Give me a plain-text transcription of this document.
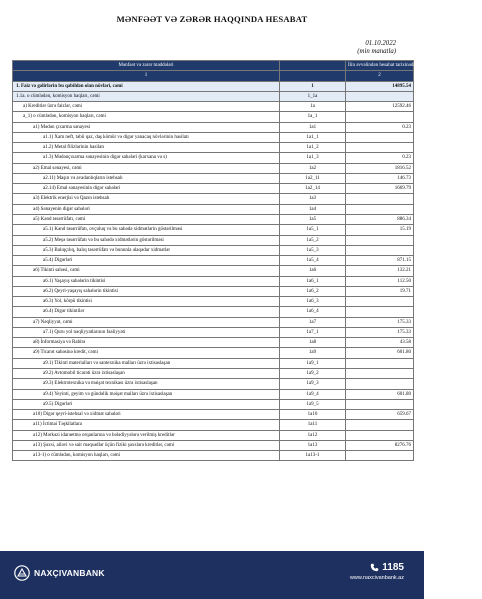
MƏNFƏƏT VƏ ZƏRƏR HAQQINDA HESABAT
01.10.2022
(min manatla)
Mənfəət və zərər maddələri		İlin əvvəlindən hesabat tarixinədək, hesabat tarixi də daxil olmaqla
1		2
1. Faiz və gəlirlərin bu qəbildən olan növləri, cəmi	1	14895.54
1.1a. o cümlədən, komisyon haqları, cəmi	1_1a	
a) Kreditlər üzrə faizlər, cəmi	1a	12592.46
a_1) o cümlədən, komisyon haqları, cəmi	1a_1	
a1) Mədən çıxarma sənayesi	1a1	0.23
a1.1) Xam neft, təbii qaz, daş kömür və digər yanacaq növlərinin hasilatı	1a1_1	
a1.2) Metal filizlərinin hasilatı	1a1_2	
a1.3) Mədənçıxarma sənayesinin digər sahələri (karxana və s)	1a1_3	0.23
a2) Emal sənayesi, cəmi	1a2	1816.52
a2.11) Maşın və avadanlıqların istehsalı	1a2_11	146.73
a2.14) Emal sənayesinin digər sahələri	1a2_14	1669.79
a3) Elektrik enerjisi və Qazın istehsalı	1a3	
a4) Sənayenin digər sahələri	1a4	
a5) Kənd təsərrüfatı, cəmi	1a5	886.34
a5.1) Kənd təsərrüfatı, ovçuluq və bu sahədə xidmətlərin göstərilməsi	1a5_1	15.19
a5.2) Meşə təsərrüfatı və bu sahədə xidmətlərin göstərilməsi	1a5_2	
a5.3) Balıqçılıq, balıq təsərrüfatı və bununla əlaqədar xidmətlər	1a5_3	
a5.4) Digərləri	1a5_4	871.15
a6) Tikinti sahəsi, cəmi	1a6	132.21
a6.1) Yaşayış sahələrin tikintisi	1a6_1	112.50
a6.2) Qeyri-yaşayış sahələrin tikintisi	1a6_2	19.71
a6.3) Yol, körpü tikintisi	1a6_3	
a6.4) Digər tikintilər	1a6_4	
a7) Nəqliyyat, cəmi	1a7	175.33
a7.1) Quru yol nəqliyyatlarının fəaliyyəti	1a7_1	175.33
a8) İnformasiya və Rabitə	1a8	43.58
a9) Ticarət sahəsinə kredit, cəmi	1a9	601.80
a9.1) Tikinti materialları və santexnika malları üzrə ixtisaslaşan	1a9_1	
a9.2) Avtomobil ticarəti üzrə ixtisaslaşan	1a9_2	
a9.3) Elektrotexnika və məişət texnikası üzrə ixtisaslaşan	1a9_3	
a9.4) Yeyinti, geyim və gündəlik məişət malları üzrə ixtisaslaşan	1a9_4	601.80
a9.5) Digərləri	1a9_5	
a10) Digər qeyri-istehsal və xidmət sahələri	1a10	659.67
a11) İctimai Təşkilatlara	1a11	
a12) Mərkəzi idarəetmə orqanlarına və bələdiyyələrə verilmiş kreditlər	1a12	
a13) Şəxsi, ailəvi və sair məqsədlər üçün fiziki şəxslərə kreditlər, cəmi	1a13	8276.76
a13-1) o cümlədən, komisyon haqları, cəmi	1a13-1	
NAXÇIVANBANK	1185
www.naxcivanbank.az
